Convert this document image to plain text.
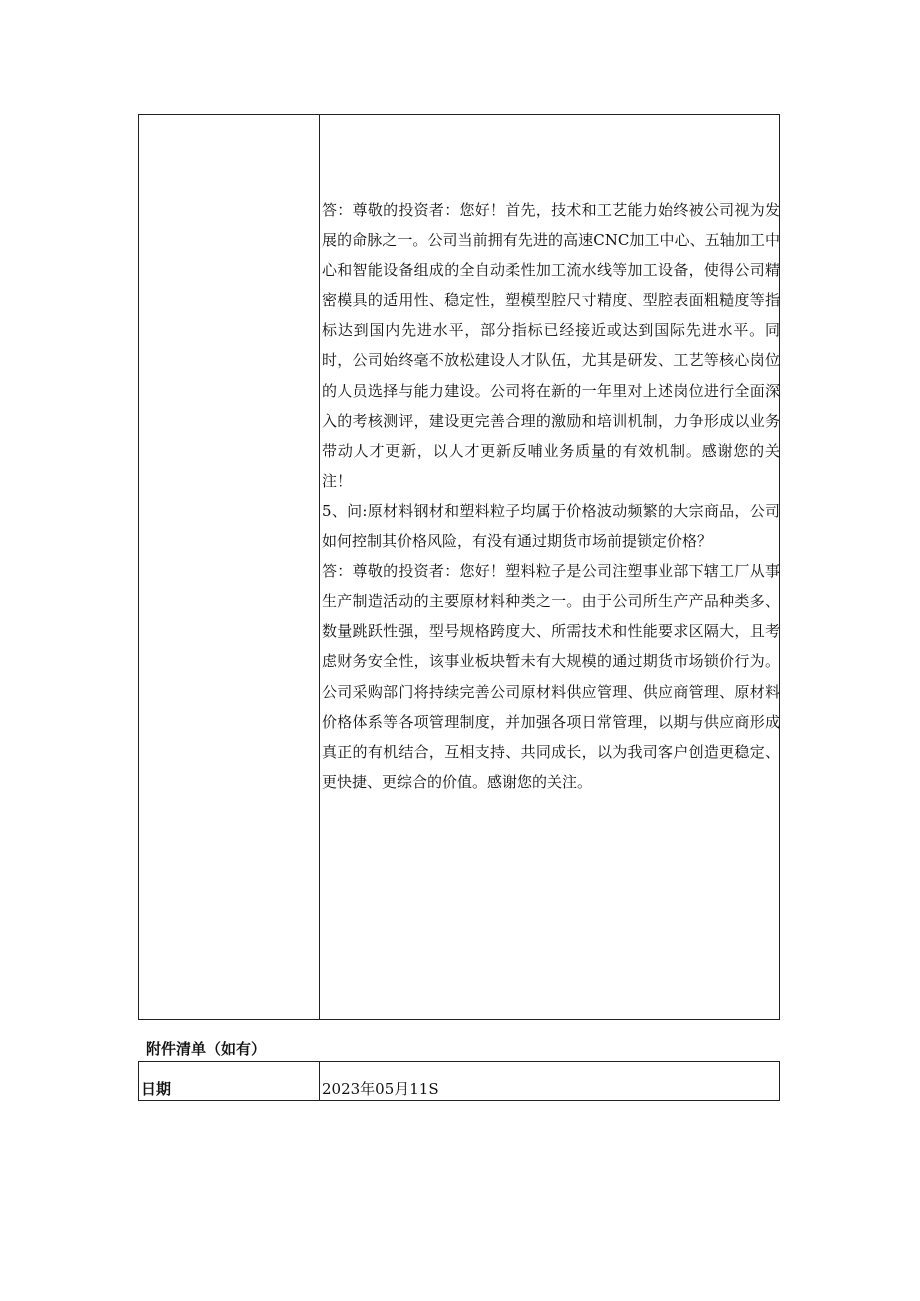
答：尊敬的投资者：您好！首先，技术和工艺能力始终被公司视为发展的命脉之一。公司当前拥有先进的高速CNC加工中心、五轴加工中心和智能设备组成的全自动柔性加工流水线等加工设备，使得公司精密模具的适用性、稳定性，塑模型腔尺寸精度、型腔表面粗糙度等指标达到国内先进水平，部分指标已经接近或达到国际先进水平。同时，公司始终毫不放松建设人才队伍，尤其是研发、工艺等核心岗位的人员选择与能力建设。公司将在新的一年里对上述岗位进行全面深入的考核测评，建设更完善合理的激励和培训机制，力争形成以业务带动人才更新，以人才更新反哺业务质量的有效机制。感谢您的关注！

5、问:原材料钢材和塑料粒子均属于价格波动频繁的大宗商品，公司如何控制其价格风险，有没有通过期货市场前提锁定价格？

答：尊敬的投资者：您好！塑料粒子是公司注塑事业部下辖工厂从事生产制造活动的主要原材料种类之一。由于公司所生产产品种类多、数量跳跃性强，型号规格跨度大、所需技术和性能要求区隔大，且考虑财务安全性，该事业板块暂未有大规模的通过期货市场锁价行为。公司采购部门将持续完善公司原材料供应管理、供应商管理、原材料价格体系等各项管理制度，并加强各项日常管理，以期与供应商形成真正的有机结合，互相支持、共同成长，以为我司客户创造更稳定、更快捷、更综合的价值。感谢您的关注。

附件清单（如有）
日期	2023年05月11S
